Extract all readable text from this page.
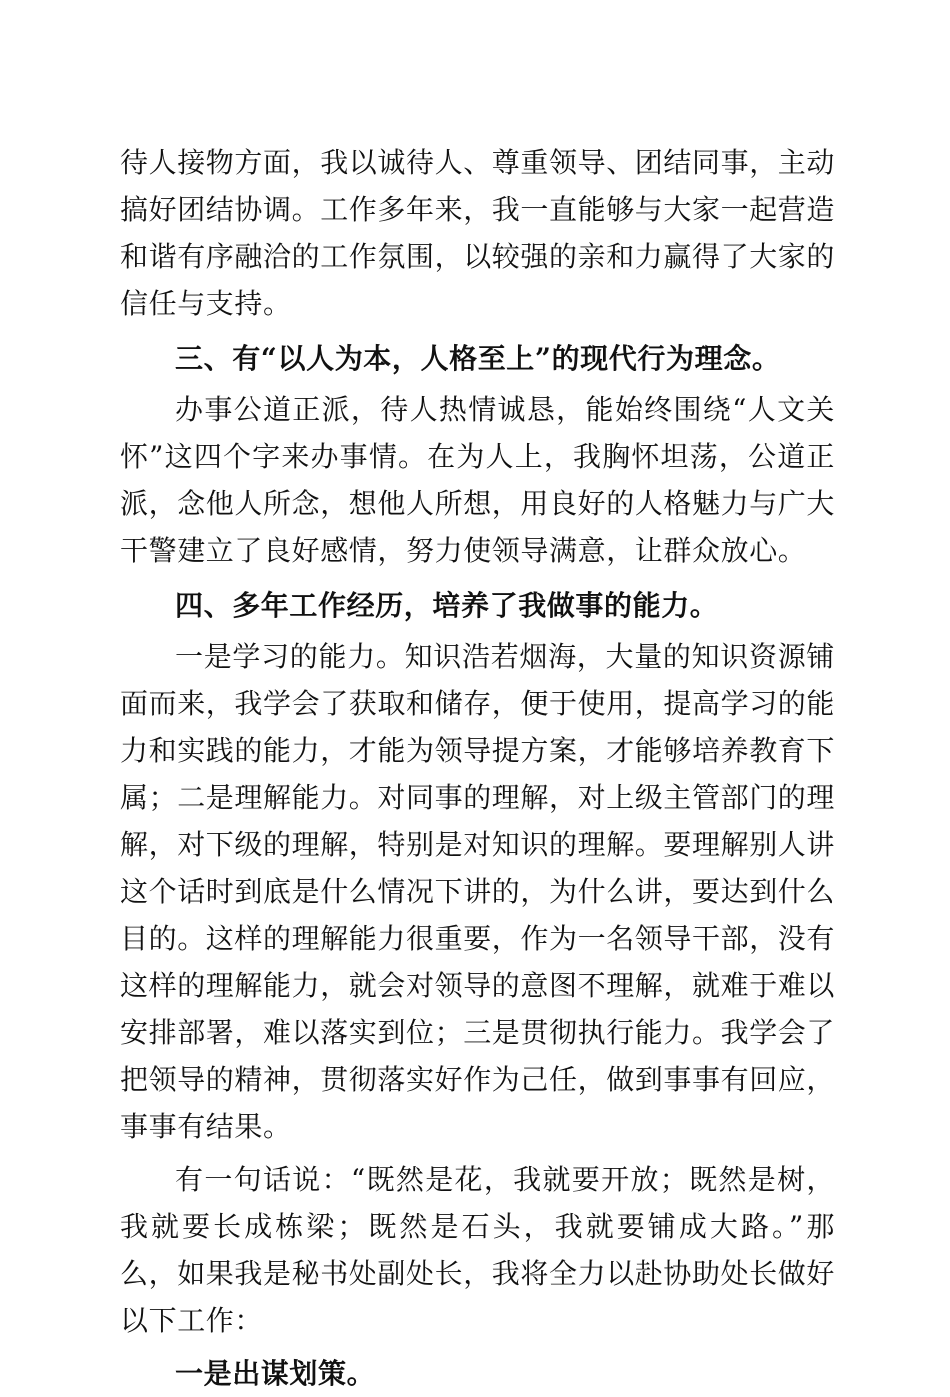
待人接物方面，我以诚待人、尊重领导、团结同事，主动搞好团结协调。工作多年来，我一直能够与大家一起营造和谐有序融洽的工作氛围，以较强的亲和力赢得了大家的信任与支持。

三、有“以人为本，人格至上”的现代行为理念。

办事公道正派，待人热情诚恳，能始终围绕“人文关怀”这四个字来办事情。在为人上，我胸怀坦荡，公道正派，念他人所念，想他人所想，用良好的人格魅力与广大干警建立了良好感情，努力使领导满意，让群众放心。

四、多年工作经历，培养了我做事的能力。

一是学习的能力。知识浩若烟海，大量的知识资源铺面而来，我学会了获取和储存，便于使用，提高学习的能力和实践的能力，才能为领导提方案，才能够培养教育下属；二是理解能力。对同事的理解，对上级主管部门的理解，对下级的理解，特别是对知识的理解。要理解别人讲这个话时到底是什么情况下讲的，为什么讲，要达到什么目的。这样的理解能力很重要，作为一名领导干部，没有这样的理解能力，就会对领导的意图不理解，就难于难以安排部署，难以落实到位；三是贯彻执行能力。我学会了把领导的精神，贯彻落实好作为己任，做到事事有回应，事事有结果。

有一句话说：“既然是花，我就要开放；既然是树，我就要长成栋梁；既然是石头，我就要铺成大路。”那么，如果我是秘书处副处长，我将全力以赴协助处长做好以下工作：

一是出谋划策。
